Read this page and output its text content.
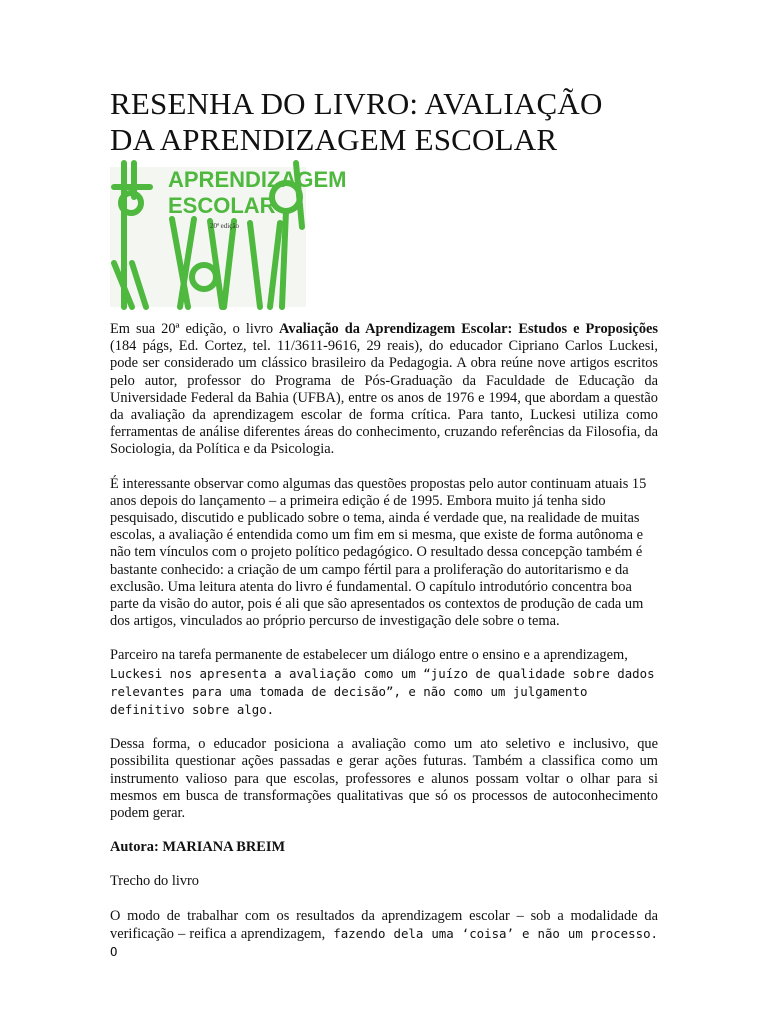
RESENHA DO LIVRO: AVALIAÇÃO
DA APRENDIZAGEM ESCOLAR
APRENDIZAGEM
ESCOLAR
20ª edição

Em sua 20ª edição, o livro Avaliação da Aprendizagem Escolar: Estudos e Proposições (184 págs, Ed. Cortez, tel. 11/3611-9616, 29 reais), do educador Cipriano Carlos Luckesi, pode ser considerado um clássico brasileiro da Pedagogia. A obra reúne nove artigos escritos pelo autor, professor do Programa de Pós-Graduação da Faculdade de Educação da Universidade Federal da Bahia (UFBA), entre os anos de 1976 e 1994, que abordam a questão da avaliação da aprendizagem escolar de forma crítica. Para tanto, Luckesi utiliza como ferramentas de análise diferentes áreas do conhecimento, cruzando referências da Filosofia, da Sociologia, da Política e da Psicologia.

É interessante observar como algumas das questões propostas pelo autor continuam atuais 15 anos depois do lançamento – a primeira edição é de 1995. Embora muito já tenha sido pesquisado, discutido e publicado sobre o tema, ainda é verdade que, na realidade de muitas escolas, a avaliação é entendida como um fim em si mesma, que existe de forma autônoma e não tem vínculos com o projeto político pedagógico. O resultado dessa concepção também é bastante conhecido: a criação de um campo fértil para a proliferação do autoritarismo e da exclusão. Uma leitura atenta do livro é fundamental. O capítulo introdutório concentra boa parte da visão do autor, pois é ali que são apresentados os contextos de produção de cada um dos artigos, vinculados ao próprio percurso de investigação dele sobre o tema.

Parceiro na tarefa permanente de estabelecer um diálogo entre o ensino e a aprendizagem, Luckesi nos apresenta a avaliação como um “juízo de qualidade sobre dados relevantes para uma tomada de decisão”, e não como um julgamento definitivo sobre algo.

Dessa forma, o educador posiciona a avaliação como um ato seletivo e inclusivo, que possibilita questionar ações passadas e gerar ações futuras. Também a classifica como um instrumento valioso para que escolas, professores e alunos possam voltar o olhar para si mesmos em busca de transformações qualitativas que só os processos de autoconhecimento podem gerar.

Autora: MARIANA BREIM

Trecho do livro

O modo de trabalhar com os resultados da aprendizagem escolar – sob a modalidade da verificação – reifica a aprendizagem, fazendo dela uma ‘coisa’ e não um processo. O
